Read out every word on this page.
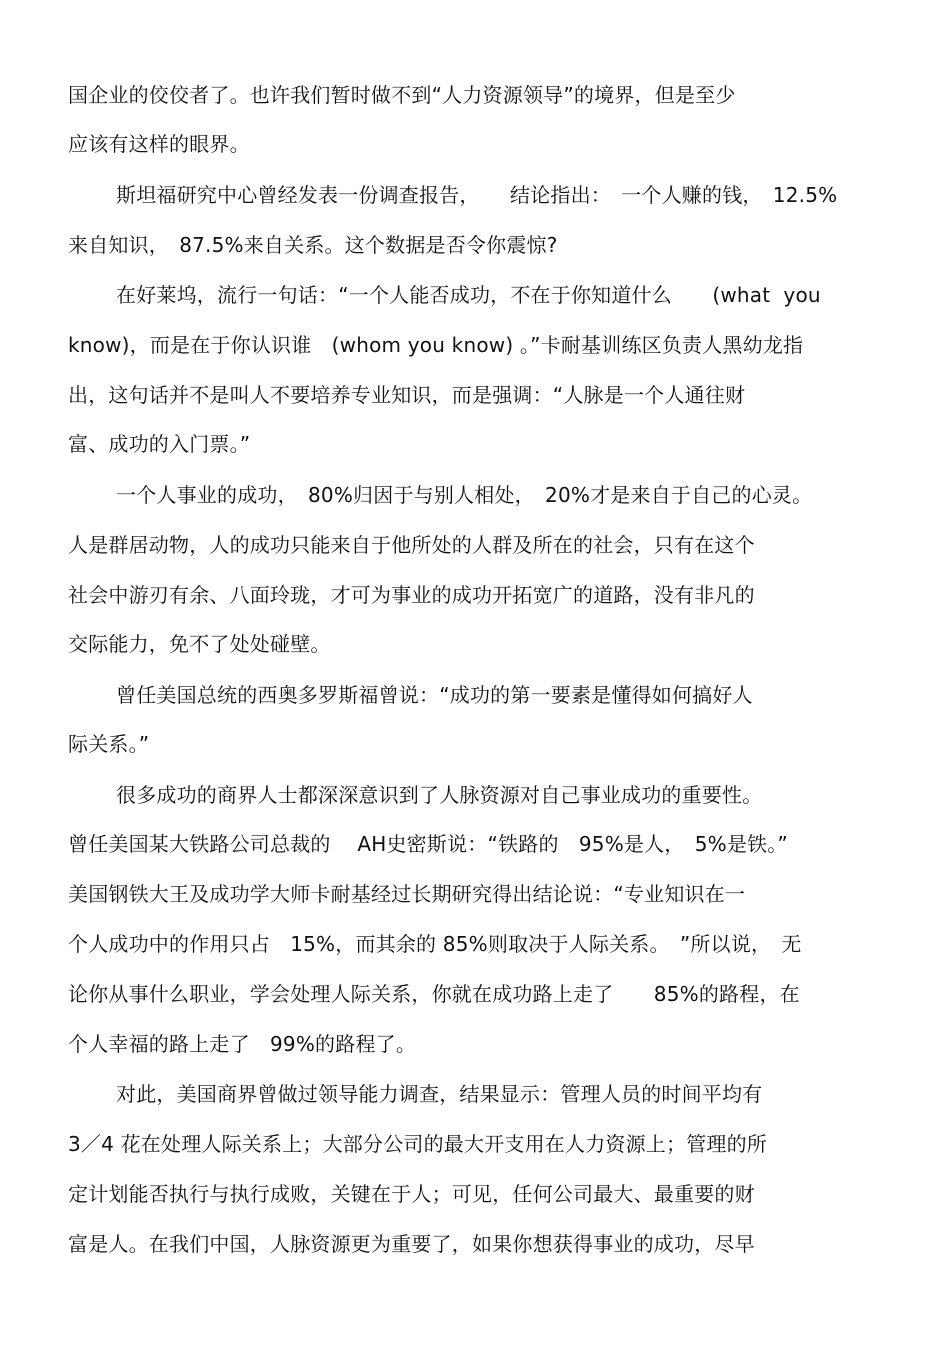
国企业的佼佼者了。也许我们暂时做不到“人力资源领导”的境界，但是至少
应该有这样的眼界。
斯坦福研究中心曾经发表一份调查报告，　　结论指出：　一个人赚的钱，　12.5%
来自知识，　87.5%来自关系。这个数据是否令你震惊?
在好莱坞，流行一句话：“一个人能否成功，不在于你知道什么　　(what  you
know)，而是在于你认识谁　(whom you know) 。”卡耐基训练区负责人黑幼龙指
出，这句话并不是叫人不要培养专业知识，而是强调：“人脉是一个人通往财
富、成功的入门票。”
一个人事业的成功，　80%归因于与别人相处，　20%才是来自于自己的心灵。
人是群居动物，人的成功只能来自于他所处的人群及所在的社会，只有在这个
社会中游刃有余、八面玲珑，才可为事业的成功开拓宽广的道路，没有非凡的
交际能力，免不了处处碰壁。
曾任美国总统的西奥多罗斯福曾说：“成功的第一要素是懂得如何搞好人
际关系。”
很多成功的商界人士都深深意识到了人脉资源对自己事业成功的重要性。
曾任美国某大铁路公司总裁的　 AH史密斯说：“铁路的　95%是人，　5%是铁。”
美国钢铁大王及成功学大师卡耐基经过长期研究得出结论说：“专业知识在一
个人成功中的作用只占　15%，而其余的 85%则取决于人际关系。　”所以说，　无
论你从事什么职业，学会处理人际关系，你就在成功路上走了　　85%的路程，在
个人幸福的路上走了　99%的路程了。
对此，美国商界曾做过领导能力调查，结果显示：管理人员的时间平均有
3／4 花在处理人际关系上；大部分公司的最大开支用在人力资源上；管理的所
定计划能否执行与执行成败，关键在于人；可见，任何公司最大、最重要的财
富是人。在我们中国，人脉资源更为重要了，如果你想获得事业的成功，尽早
